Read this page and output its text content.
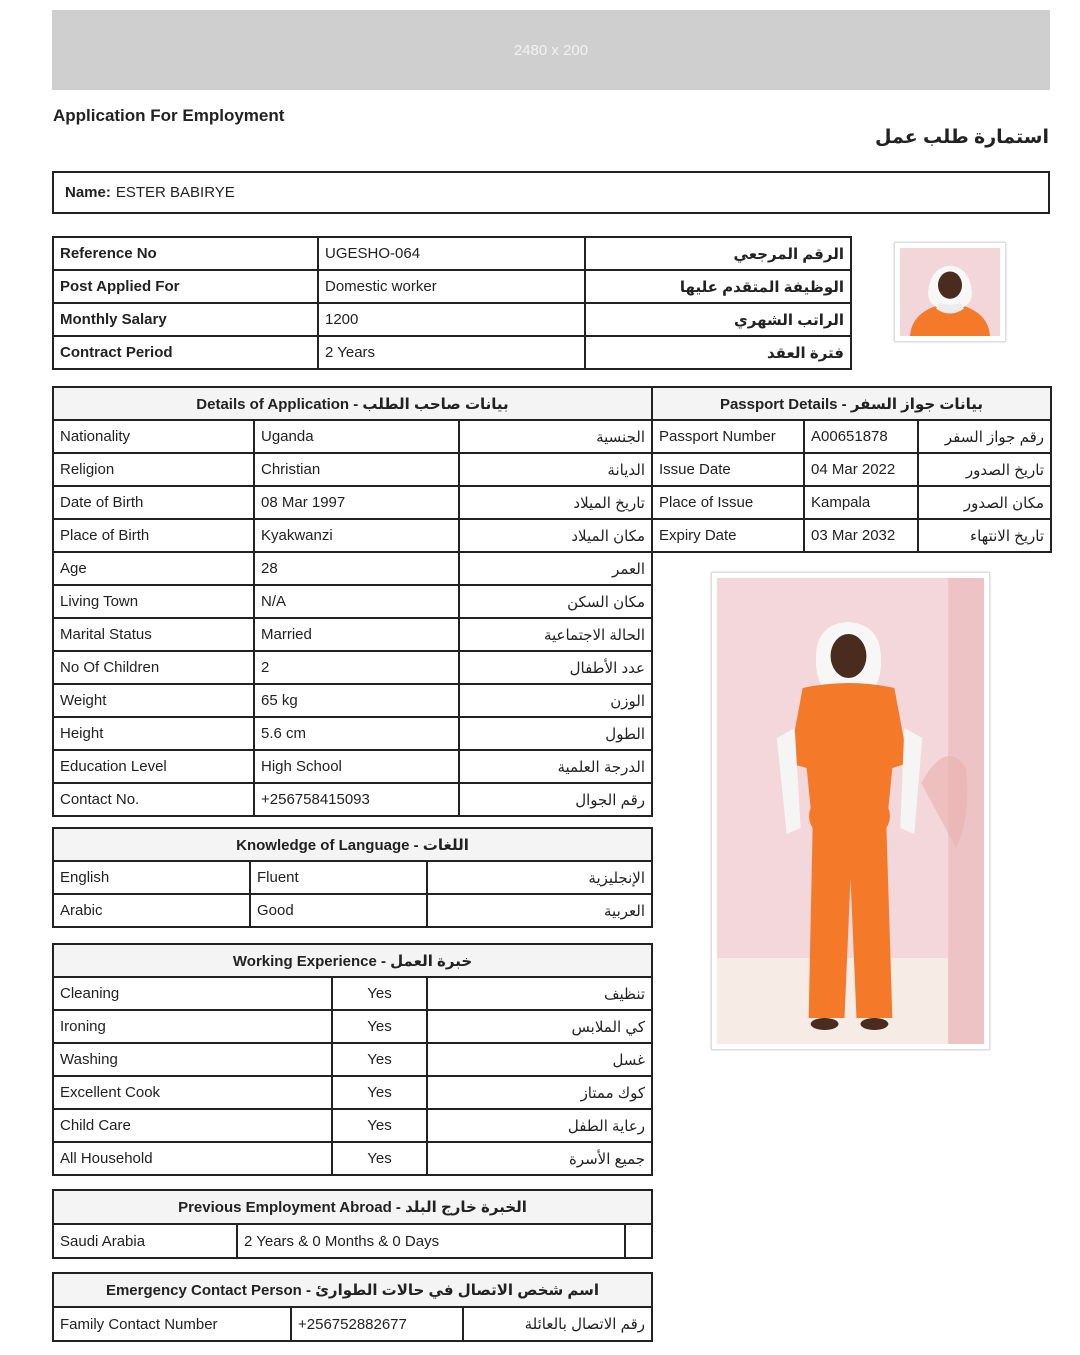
2480 x 200
Application For Employment
استمارة طلب عمل
Name: ESTER BABIRYE
Reference No	UGESHO-064	الرقم المرجعي
Post Applied For	Domestic worker	الوظيفة المتقدم عليها
Monthly Salary	1200	الراتب الشهري
Contract Period	2 Years	فترة العقد
Details of Application - بيانات صاحب الطلب		
Nationality	Uganda	الجنسية
Religion	Christian	الديانة
Date of Birth	08 Mar 1997	تاريخ الميلاد
Place of Birth	Kyakwanzi	مكان الميلاد
Age	28	العمر
Living Town	N/A	مكان السكن
Marital Status	Married	الحالة الاجتماعية
No Of Children	2	عدد الأطفال
Weight	65 kg	الوزن
Height	5.6 cm	الطول
Education Level	High School	الدرجة العلمية
Contact No.	+256758415093	رقم الجوال
Passport Details - بيانات جواز السفر		
Passport Number	A00651878	رقم جواز السفر
Issue Date	04 Mar 2022	تاريخ الصدور
Place of Issue	Kampala	مكان الصدور
Expiry Date	03 Mar 2032	تاريخ الانتهاء
Knowledge of Language - اللغات		
English	Fluent	الإنجليزية
Arabic	Good	العربية
Working Experience - خبرة العمل		
Cleaning	Yes	تنظيف
Ironing	Yes	كي الملابس
Washing	Yes	غسل
Excellent Cook	Yes	كوك ممتاز
Child Care	Yes	رعاية الطفل
All Household	Yes	جميع الأسرة
Previous Employment Abroad - الخبرة خارج البلد
Saudi Arabia	2 Years & 0 Months & 0 Days	
Emergency Contact Person - اسم شخص الاتصال في حالات الطوارئ
Family Contact Number	+256752882677	رقم الاتصال بالعائلة
